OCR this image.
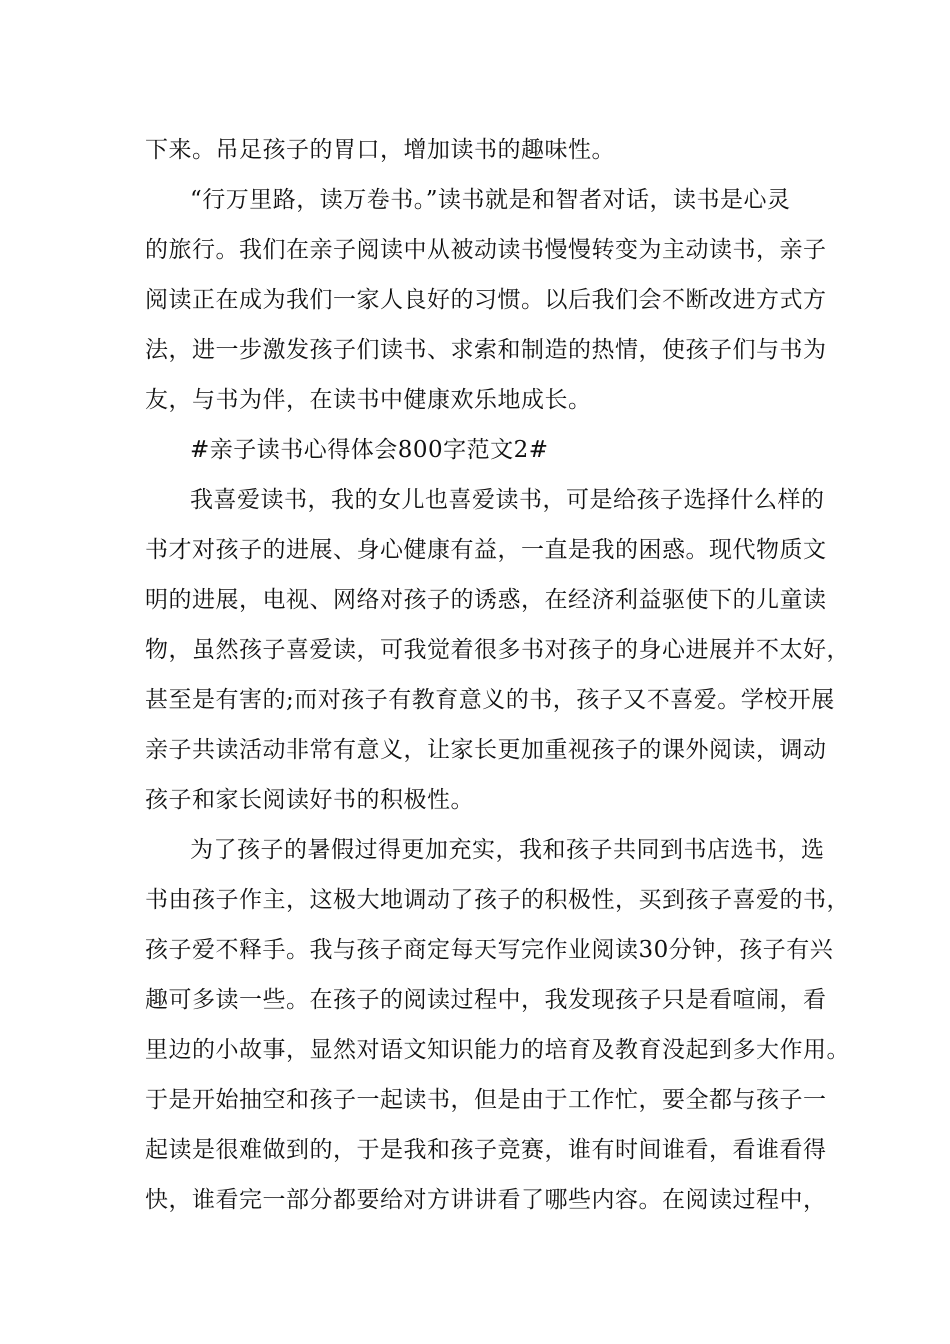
下来。吊足孩子的胃口，增加读书的趣味性。

“行万里路，读万卷书。”读书就是和智者对话，读书是心灵

的旅行。我们在亲子阅读中从被动读书慢慢转变为主动读书，亲子

阅读正在成为我们一家人良好的习惯。以后我们会不断改进方式方

法，进一步激发孩子们读书、求索和制造的热情，使孩子们与书为

友，与书为伴，在读书中健康欢乐地成长。

#亲子读书心得体会800字范文2#

我喜爱读书，我的女儿也喜爱读书，可是给孩子选择什么样的

书才对孩子的进展、身心健康有益，一直是我的困惑。现代物质文

明的进展，电视、网络对孩子的诱惑，在经济利益驱使下的儿童读

物，虽然孩子喜爱读，可我觉着很多书对孩子的身心进展并不太好，

甚至是有害的;而对孩子有教育意义的书，孩子又不喜爱。学校开展

亲子共读活动非常有意义，让家长更加重视孩子的课外阅读，调动

孩子和家长阅读好书的积极性。

为了孩子的暑假过得更加充实，我和孩子共同到书店选书，选

书由孩子作主，这极大地调动了孩子的积极性，买到孩子喜爱的书，

孩子爱不释手。我与孩子商定每天写完作业阅读30分钟，孩子有兴

趣可多读一些。在孩子的阅读过程中，我发现孩子只是看喧闹，看

里边的小故事，显然对语文知识能力的培育及教育没起到多大作用。

于是开始抽空和孩子一起读书，但是由于工作忙，要全都与孩子一

起读是很难做到的，于是我和孩子竞赛，谁有时间谁看，看谁看得

快，谁看完一部分都要给对方讲讲看了哪些内容。在阅读过程中，
